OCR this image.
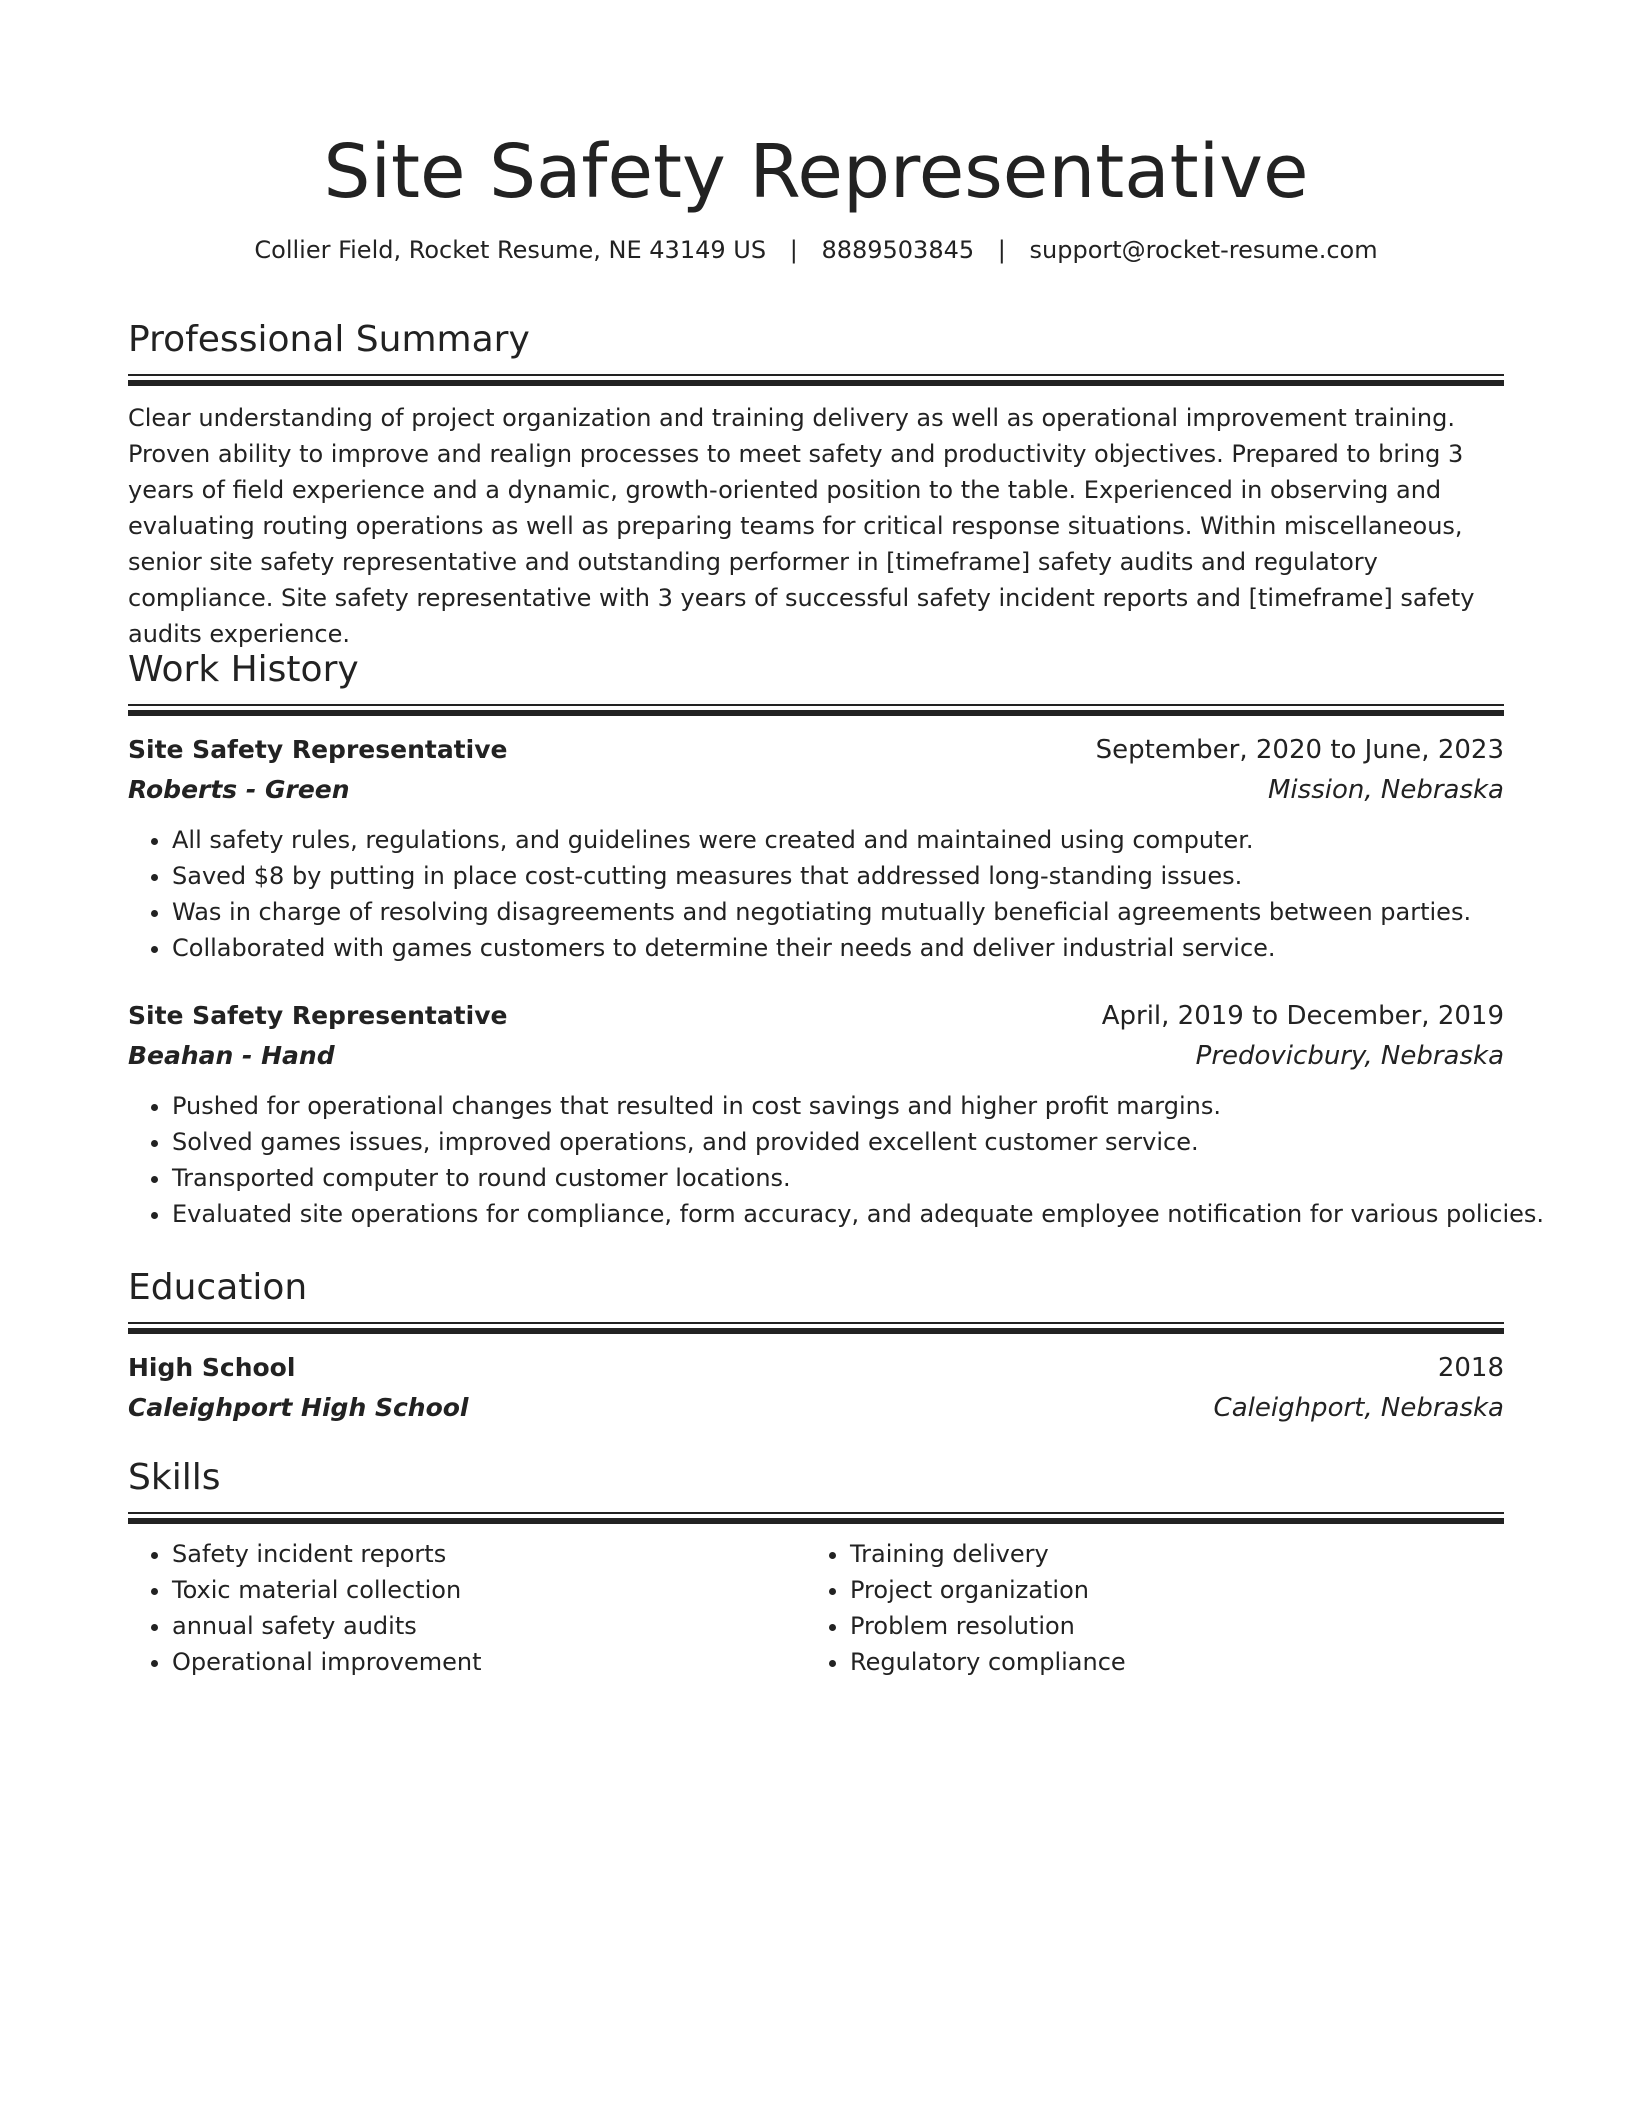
Site Safety Representative
Collier Field, Rocket Resume, NE 43149 US | 8889503845 | support@rocket-resume.com
Professional Summary
Clear understanding of project organization and training delivery as well as operational improvement training. Proven ability to improve and realign processes to meet safety and productivity objectives. Prepared to bring 3 years of field experience and a dynamic, growth-oriented position to the table. Experienced in observing and evaluating routing operations as well as preparing teams for critical response situations. Within miscellaneous, senior site safety representative and outstanding performer in [timeframe] safety audits and regulatory compliance. Site safety representative with 3 years of successful safety incident reports and [timeframe] safety audits experience.
Work History
Site Safety Representative	September, 2020 to June, 2023
Roberts - Green	Mission, Nebraska
• All safety rules, regulations, and guidelines were created and maintained using computer.
• Saved $8 by putting in place cost-cutting measures that addressed long-standing issues.
• Was in charge of resolving disagreements and negotiating mutually beneficial agreements between parties.
• Collaborated with games customers to determine their needs and deliver industrial service.
Site Safety Representative	April, 2019 to December, 2019
Beahan - Hand	Predovicbury, Nebraska
• Pushed for operational changes that resulted in cost savings and higher profit margins.
• Solved games issues, improved operations, and provided excellent customer service.
• Transported computer to round customer locations.
• Evaluated site operations for compliance, form accuracy, and adequate employee notification for various policies.
Education
High School	2018
Caleighport High School	Caleighport, Nebraska
Skills
• Safety incident reports
• Toxic material collection
• annual safety audits
• Operational improvement
• Training delivery
• Project organization
• Problem resolution
• Regulatory compliance
